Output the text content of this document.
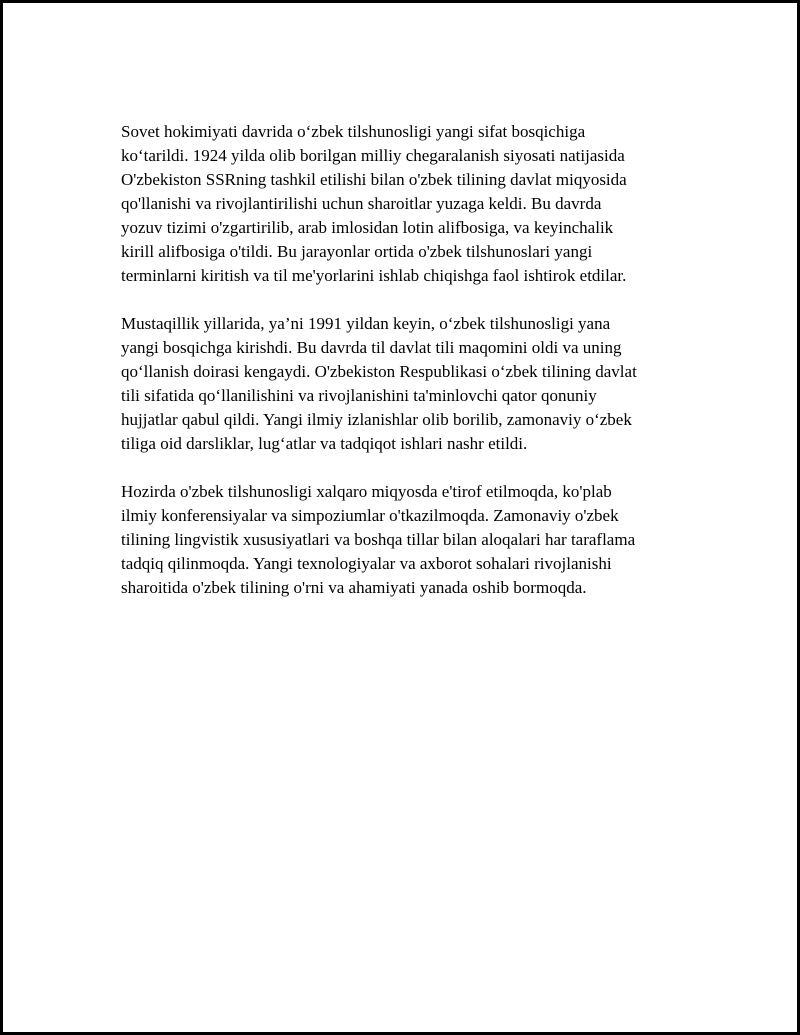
Sovet hokimiyati davrida o‘zbek tilshunosligi yangi sifat bosqichiga
ko‘tarildi. 1924 yilda olib borilgan milliy chegaralanish siyosati natijasida
O'zbekiston SSRning tashkil etilishi bilan o'zbek tilining davlat miqyosida
qo'llanishi va rivojlantirilishi uchun sharoitlar yuzaga keldi. Bu davrda
yozuv tizimi o'zgartirilib, arab imlosidan lotin alifbosiga, va keyinchalik
kirill alifbosiga o'tildi. Bu jarayonlar ortida o'zbek tilshunoslari yangi
terminlarni kiritish va til me'yorlarini ishlab chiqishga faol ishtirok etdilar.

Mustaqillik yillarida, ya’ni 1991 yildan keyin, o‘zbek tilshunosligi yana
yangi bosqichga kirishdi. Bu davrda til davlat tili maqomini oldi va uning
qo‘llanish doirasi kengaydi. O'zbekiston Respublikasi o‘zbek tilining davlat
tili sifatida qo‘llanilishini va rivojlanishini ta'minlovchi qator qonuniy
hujjatlar qabul qildi. Yangi ilmiy izlanishlar olib borilib, zamonaviy o‘zbek
tiliga oid darsliklar, lug‘atlar va tadqiqot ishlari nashr etildi.

Hozirda o'zbek tilshunosligi xalqaro miqyosda e'tirof etilmoqda, ko'plab
ilmiy konferensiyalar va simpoziumlar o'tkazilmoqda. Zamonaviy o'zbek
tilining lingvistik xususiyatlari va boshqa tillar bilan aloqalari har taraflama
tadqiq qilinmoqda. Yangi texnologiyalar va axborot sohalari rivojlanishi
sharoitida o'zbek tilining o'rni va ahamiyati yanada oshib bormoqda.
